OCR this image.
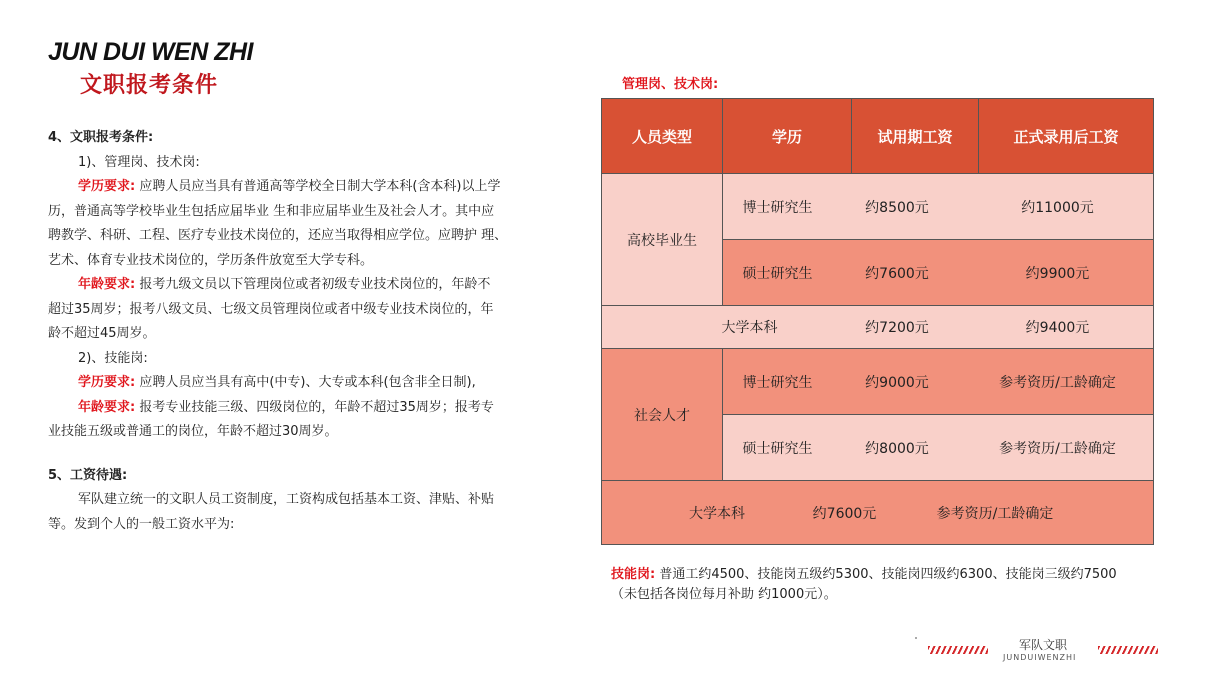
JUN DUI WEN ZHI
文职报考条件

4、文职报考条件:

1)、管理岗、技术岗:

学历要求: 应聘人员应当具有普通高等学校全日制大学本科(含本科)以上学

历，普通高等学校毕业生包括应届毕业 生和非应届毕业生及社会人才。其中应

聘教学、科研、工程、医疗专业技术岗位的，还应当取得相应学位。应聘护 理、

艺术、体育专业技术岗位的，学历条件放宽至大学专科。

年龄要求: 报考九级文员以下管理岗位或者初级专业技术岗位的，年龄不

超过35周岁；报考八级文员、七级文员管理岗位或者中级专业技术岗位的，年

龄不超过45周岁。

2)、技能岗:

学历要求: 应聘人员应当具有高中(中专)、大专或本科(包含非全日制),

年龄要求: 报考专业技能三级、四级岗位的，年龄不超过35周岁；报考专

业技能五级或普通工的岗位，年龄不超过30周岁。

5、工资待遇:

军队建立统一的文职人员工资制度，工资构成包括基本工资、津贴、补贴

等。发到个人的一般工资水平为:

管理岗、技术岗:
人员类型	学历	试用期工资	正式录用后工资
高校毕业生
博士研究生	约8500元	约11000元
硕士研究生	约7600元	约9900元
大学本科	约7200元	约9400元
社会人才
博士研究生	约9000元	参考资历/工龄确定
硕士研究生	约8000元	参考资历/工龄确定
大学本科	约7600元	参考资历/工龄确定
技能岗: 普通工约4500、技能岗五级约5300、技能岗四级约6300、技能岗三级约7500
（未包括各岗位每月补助 约1000元）。
军队文职
JUNDUIWENZHI
